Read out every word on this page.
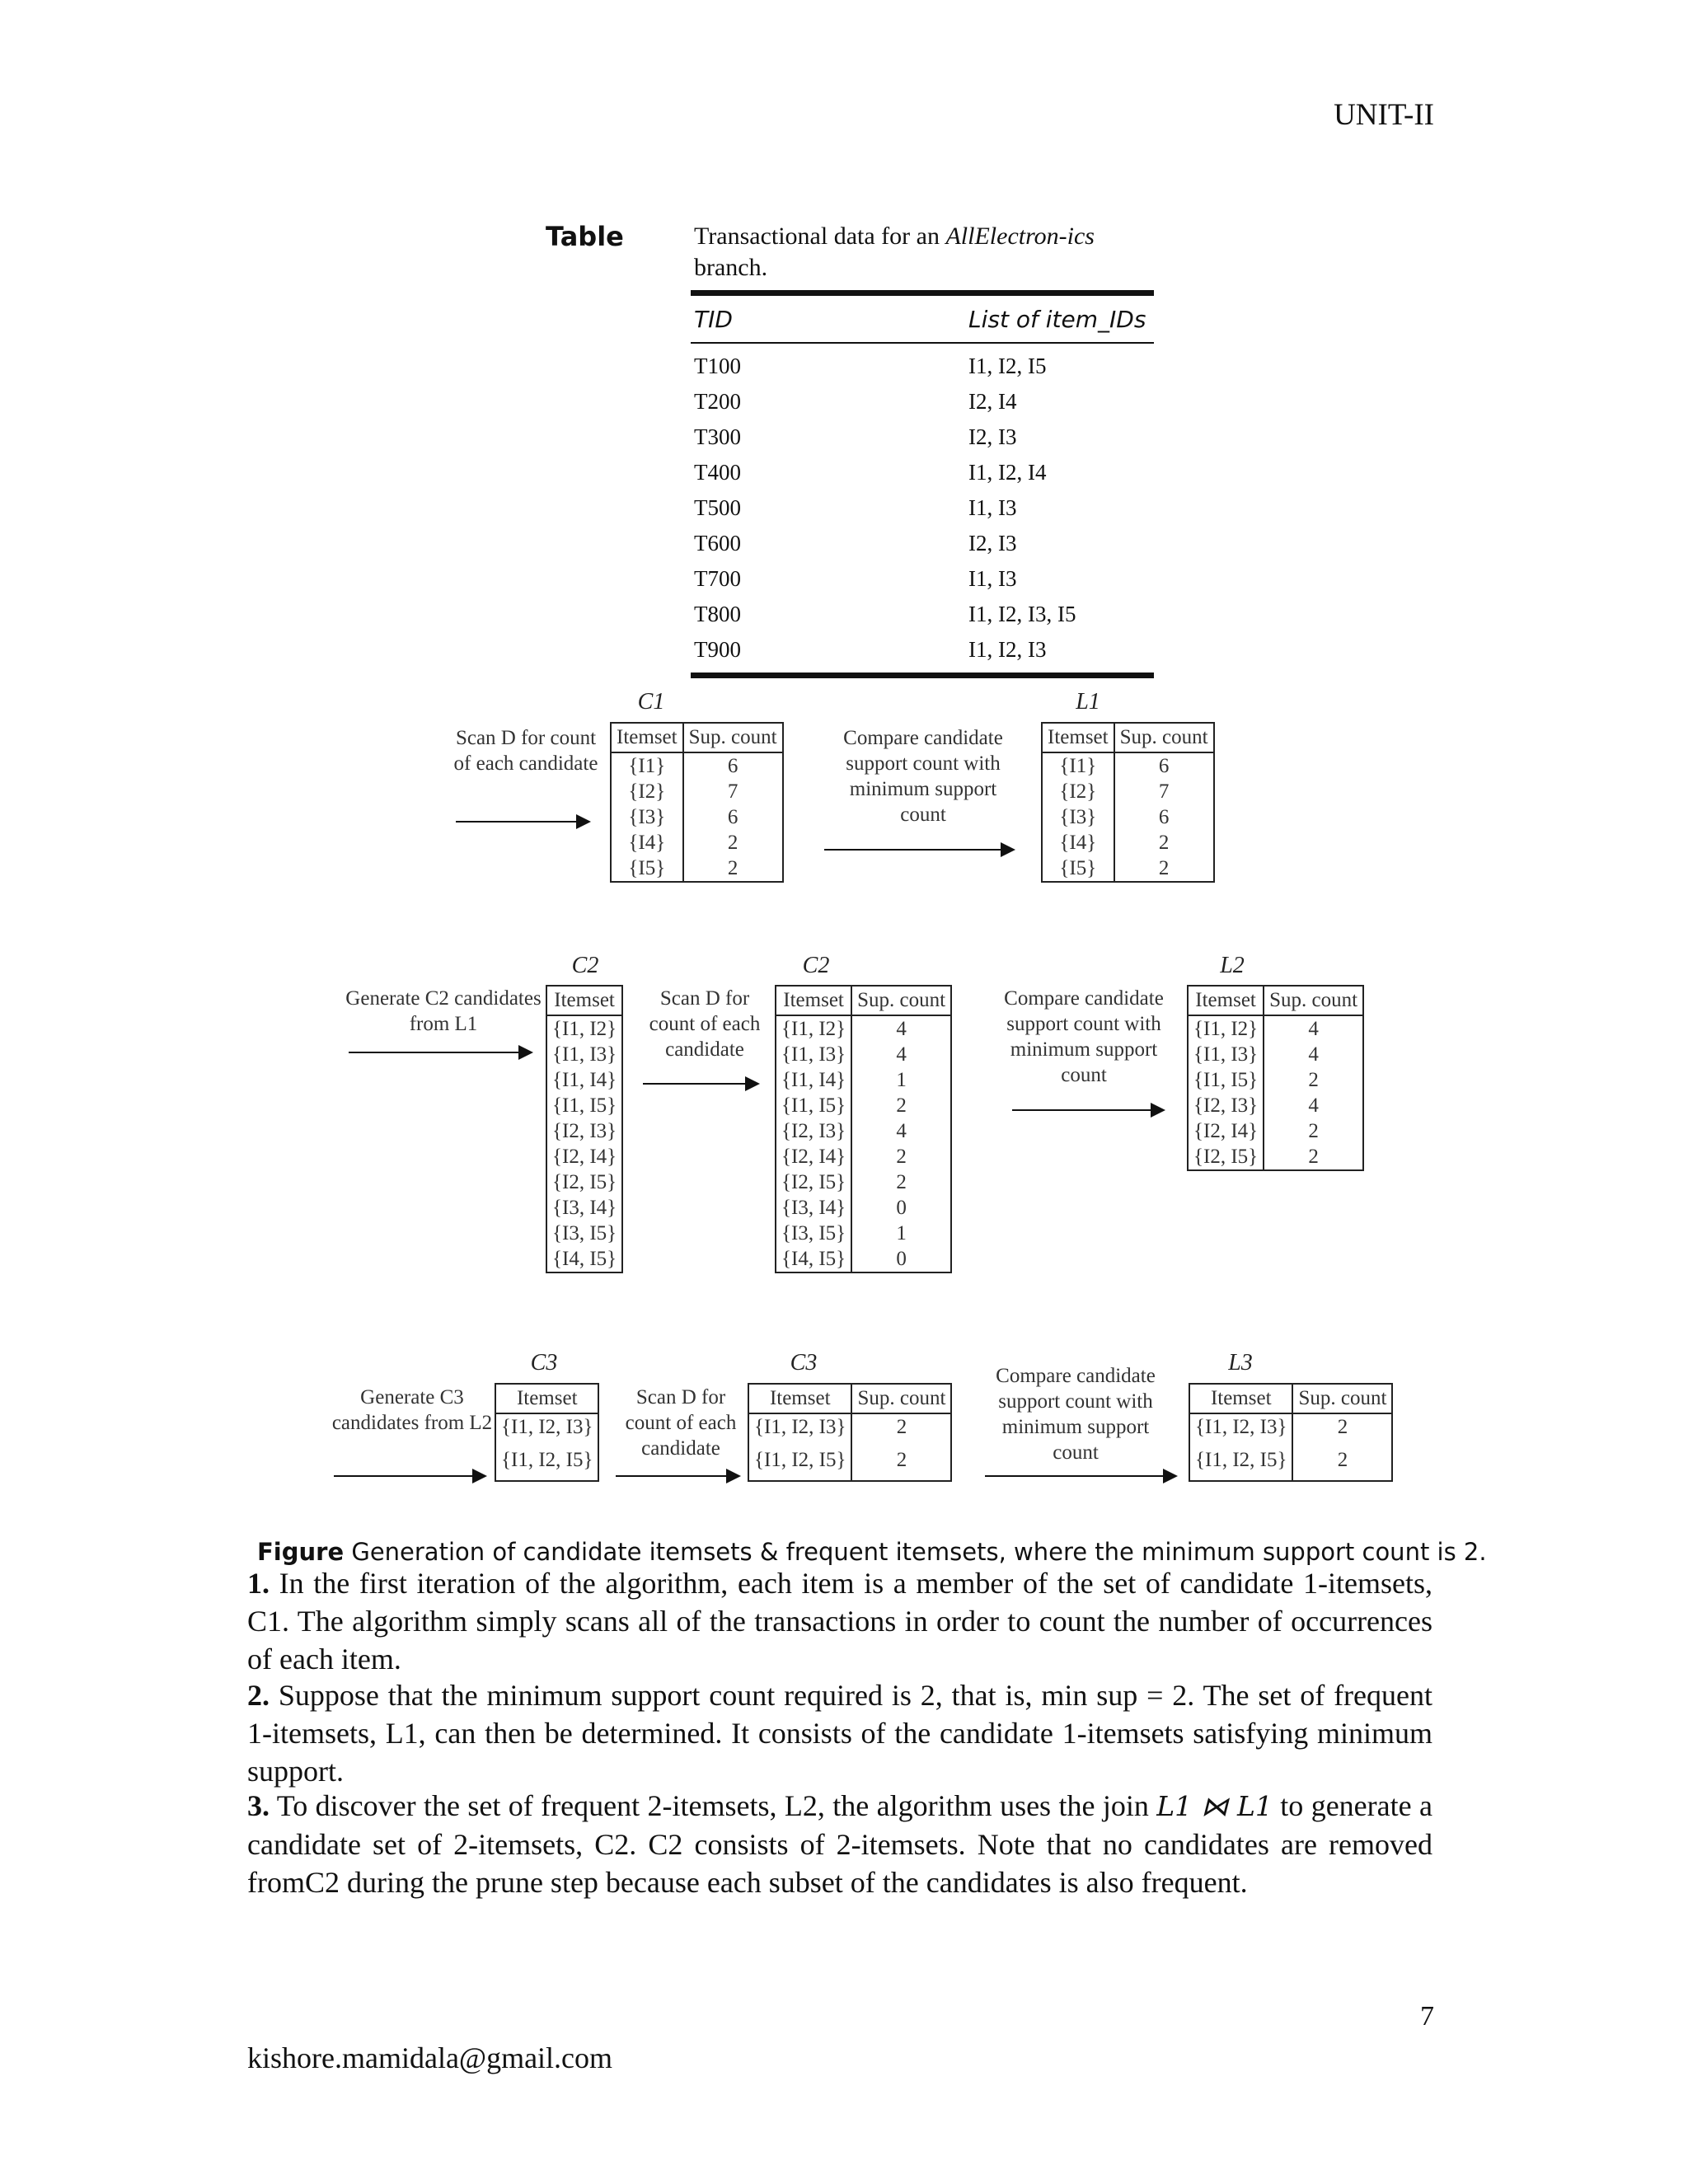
UNIT-II
Table	Transactional data for an AllElectron-ics branch.
TID	List of item_IDs
T100	I1, I2, I5
T200	I2, I4
T300	I2, I3
T400	I1, I2, I4
T500	I1, I3
T600	I2, I3
T700	I1, I3
T800	I1, I2, I3, I5
T900	I1, I2, I3
Scan D for count of each candidate
C1
Itemset	Sup. count
{I1}	6
{I2}	7
{I3}	6
{I4}	2
{I5}	2
Compare candidate support count with minimum support count
L1
Itemset	Sup. count
{I1}	6
{I2}	7
{I3}	6
{I4}	2
{I5}	2
Generate C2 candidates from L1
C2
Itemset
{I1, I2}
{I1, I3}
{I1, I4}
{I1, I5}
{I2, I3}
{I2, I4}
{I2, I5}
{I3, I4}
{I3, I5}
{I4, I5}
Scan D for count of each candidate
C2
Itemset	Sup. count
{I1, I2}	4
{I1, I3}	4
{I1, I4}	1
{I1, I5}	2
{I2, I3}	4
{I2, I4}	2
{I2, I5}	2
{I3, I4}	0
{I3, I5}	1
{I4, I5}	0
Compare candidate support count with minimum support count
L2
Itemset	Sup. count
{I1, I2}	4
{I1, I3}	4
{I1, I5}	2
{I2, I3}	4
{I2, I4}	2
{I2, I5}	2
Generate C3 candidates from L2
C3
Itemset
{I1, I2, I3}
{I1, I2, I5}
Scan D for count of each candidate
C3
Itemset	Sup. count
{I1, I2, I3}	2
{I1, I2, I5}	2
Compare candidate support count with minimum support count
L3
Itemset	Sup. count
{I1, I2, I3}	2
{I1, I2, I5}	2
Figure Generation of candidate itemsets & frequent itemsets, where the minimum support count is 2.
1. In the first iteration of the algorithm, each item is a member of the set of candidate 1-itemsets, C1. The algorithm simply scans all of the transactions in order to count the number of occurrences of each item.
2. Suppose that the minimum support count required is 2, that is, min sup = 2. The set of frequent 1-itemsets, L1, can then be determined. It consists of the candidate 1-itemsets satisfying minimum support.
3. To discover the set of frequent 2-itemsets, L2, the algorithm uses the join L1 ⋈ L1 to generate a candidate set of 2-itemsets, C2. C2 consists of 2-itemsets. Note that no candidates are removed fromC2 during the prune step because each subset of the candidates is also frequent.
7
kishore.mamidala@gmail.com
